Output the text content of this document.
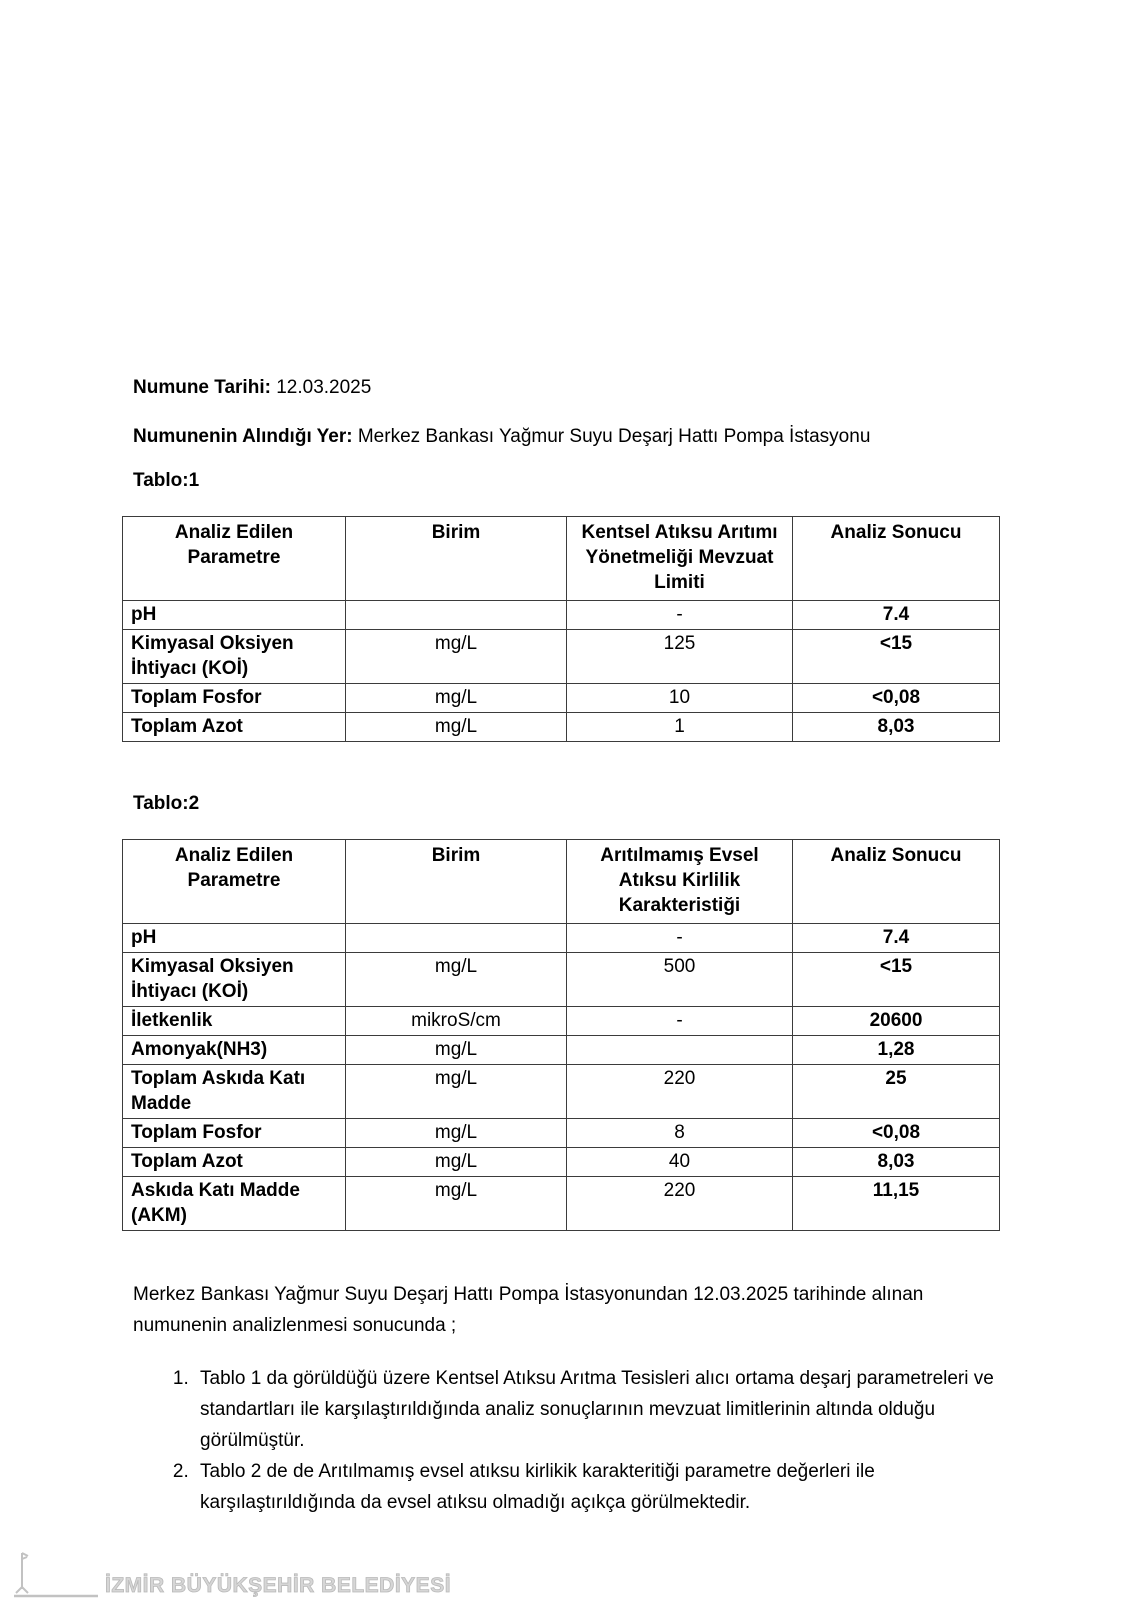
Numune Tarihi: 12.03.2025

Numunenin Alındığı Yer: Merkez Bankası Yağmur Suyu Deşarj Hattı Pompa İstasyonu

Tablo:1

Analiz Edilen Parametre	Birim	Kentsel Atıksu Arıtımı Yönetmeliği Mevzuat Limiti	Analiz Sonucu
pH		-	7.4
Kimyasal Oksiyen İhtiyacı (KOİ)	mg/L	125	<15
Toplam Fosfor	mg/L	10	<0,08
Toplam Azot	mg/L	1	8,03

Tablo:2

Analiz Edilen Parametre	Birim	Arıtılmamış Evsel Atıksu Kirlilik Karakteristiği	Analiz Sonucu
pH		-	7.4
Kimyasal Oksiyen İhtiyacı (KOİ)	mg/L	500	<15
İletkenlik	mikroS/cm	-	20600
Amonyak(NH3)	mg/L		1,28
Toplam Askıda Katı Madde	mg/L	220	25
Toplam Fosfor	mg/L	8	<0,08
Toplam Azot	mg/L	40	8,03
Askıda Katı Madde (AKM)	mg/L	220	11,15

Merkez Bankası Yağmur Suyu Deşarj Hattı Pompa İstasyonundan 12.03.2025 tarihinde alınan numunenin analizlenmesi sonucunda ;

1. Tablo 1 da görüldüğü üzere Kentsel Atıksu Arıtma Tesisleri alıcı ortama deşarj parametreleri ve standartları ile karşılaştırıldığında analiz sonuçlarının mevzuat limitlerinin altında olduğu görülmüştür.
2. Tablo 2 de de Arıtılmamış evsel atıksu kirlikik karakteritiği parametre değerleri ile karşılaştırıldığında da evsel atıksu olmadığı açıkça görülmektedir.
İZMİR BÜYÜKŞEHİR BELEDİYESİ
